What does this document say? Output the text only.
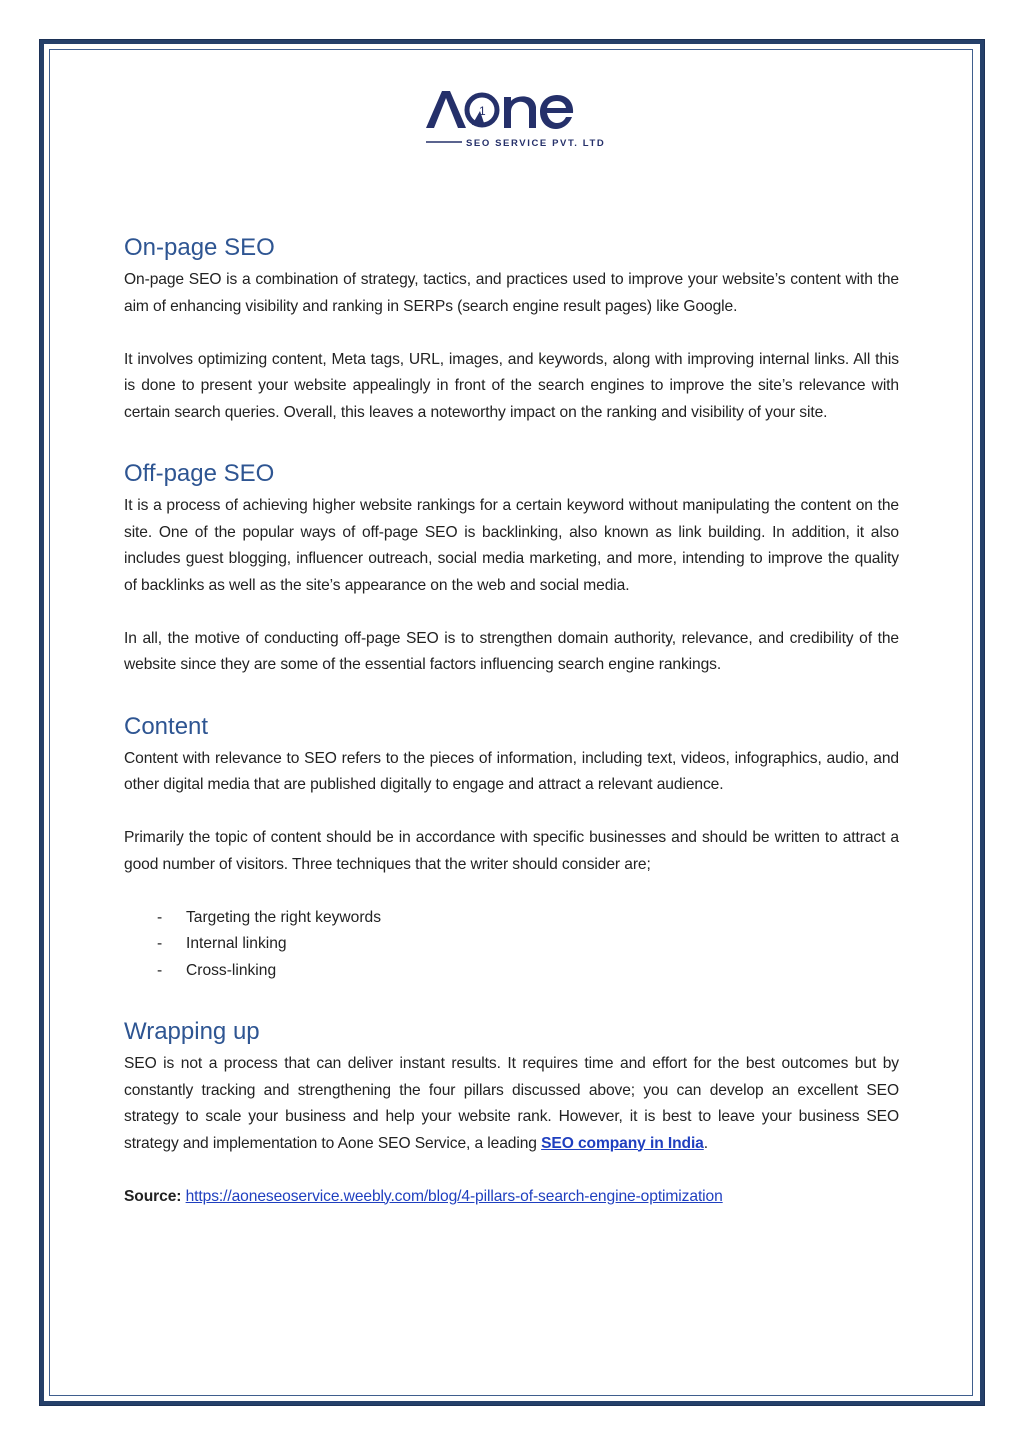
1
SEO SERVICE PVT. LTD
On-page SEO

On-page SEO is a combination of strategy, tactics, and practices used to improve your website’s content with the aim of enhancing visibility and ranking in SERPs (search engine result pages) like Google.

It involves optimizing content, Meta tags, URL, images, and keywords, along with improving internal links. All this is done to present your website appealingly in front of the search engines to improve the site’s relevance with certain search queries. Overall, this leaves a noteworthy impact on the ranking and visibility of your site.

Off-page SEO

It is a process of achieving higher website rankings for a certain keyword without manipulating the content on the site. One of the popular ways of off-page SEO is backlinking, also known as link building. In addition, it also includes guest blogging, influencer outreach, social media marketing, and more, intending to improve the quality of backlinks as well as the site’s appearance on the web and social media.

In all, the motive of conducting off-page SEO is to strengthen domain authority, relevance, and credibility of the website since they are some of the essential factors influencing search engine rankings.

Content

Content with relevance to SEO refers to the pieces of information, including text, videos, infographics, audio, and other digital media that are published digitally to engage and attract a relevant audience.

Primarily the topic of content should be in accordance with specific businesses and should be written to attract a good number of visitors. Three techniques that the writer should consider are;

- Targeting the right keywords
- Internal linking
- Cross-linking
Wrapping up

SEO is not a process that can deliver instant results. It requires time and effort for the best outcomes but by constantly tracking and strengthening the four pillars discussed above; you can develop an excellent SEO strategy to scale your business and help your website rank. However, it is best to leave your business SEO strategy and implementation to Aone SEO Service, a leading SEO company in India.

Source: https://aoneseoservice.weebly.com/blog/4-pillars-of-search-engine-optimization
